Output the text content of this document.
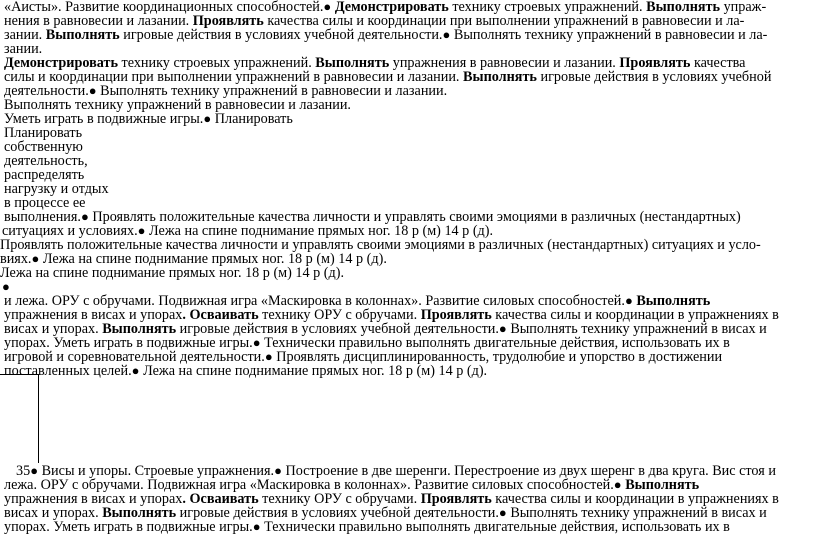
«Аисты». Развитие координационных способностей.● Демонстрировать технику строевых упражнений. Выполнять упраж-
нения в равновесии и лазании. Проявлять качества силы и координации при выполнении упражнений в равновесии и ла-
зании. Выполнять игровые действия в условиях учебной деятельности.● Выполнять технику упражнений в равновесии и ла-
зании.
Демонстрировать технику строевых упражнений. Выполнять упражнения в равновесии и лазании. Проявлять качества
силы и координации при выполнении упражнений в равновесии и лазании. Выполнять игровые действия в условиях учебной
деятельности.● Выполнять технику упражнений в равновесии и лазании.
Выполнять технику упражнений в равновесии и лазании.
Уметь играть в подвижные игры.● Планировать
Планировать
собственную
деятельность,
распределять
нагрузку и отдых
в процессе ее
выполнения.● Проявлять положительные качества личности и управлять своими эмоциями в различных (нестандартных)
ситуациях и условиях.● Лежа на спине поднимание прямых ног. 18 р (м) 14 р (д).
Проявлять положительные качества личности и управлять своими эмоциями в различных (нестандартных) ситуациях и усло-
виях.● Лежа на спине поднимание прямых ног. 18 р (м) 14 р (д).
Лежа на спине поднимание прямых ног. 18 р (м) 14 р (д).
●
и лежа. ОРУ с обручами. Подвижная игра «Маскировка в колоннах». Развитие силовых способностей.● Выполнять
упражнения в висах и упорах. Осваивать технику ОРУ с обручами. Проявлять качества силы и координации в упражнениях в
висах и упорах. Выполнять игровые действия в условиях учебной деятельности.● Выполнять технику упражнений в висах и
упорах. Уметь играть в подвижные игры.● Технически правильно выполнять двигательные действия, использовать их в
игровой и соревновательной деятельности.● Проявлять дисциплинированность, трудолюбие и упорство в достижении
поставленных целей.● Лежа на спине поднимание прямых ног. 18 р (м) 14 р (д).
35● Висы и упоры. Строевые упражнения.● Построение в две шеренги. Перестроение из двух шеренг в два круга. Вис стоя и
лежа. ОРУ с обручами. Подвижная игра «Маскировка в колоннах». Развитие силовых способностей.● Выполнять
упражнения в висах и упорах. Осваивать технику ОРУ с обручами. Проявлять качества силы и координации в упражнениях в
висах и упорах. Выполнять игровые действия в условиях учебной деятельности.● Выполнять технику упражнений в висах и
упорах. Уметь играть в подвижные игры.● Технически правильно выполнять двигательные действия, использовать их в
